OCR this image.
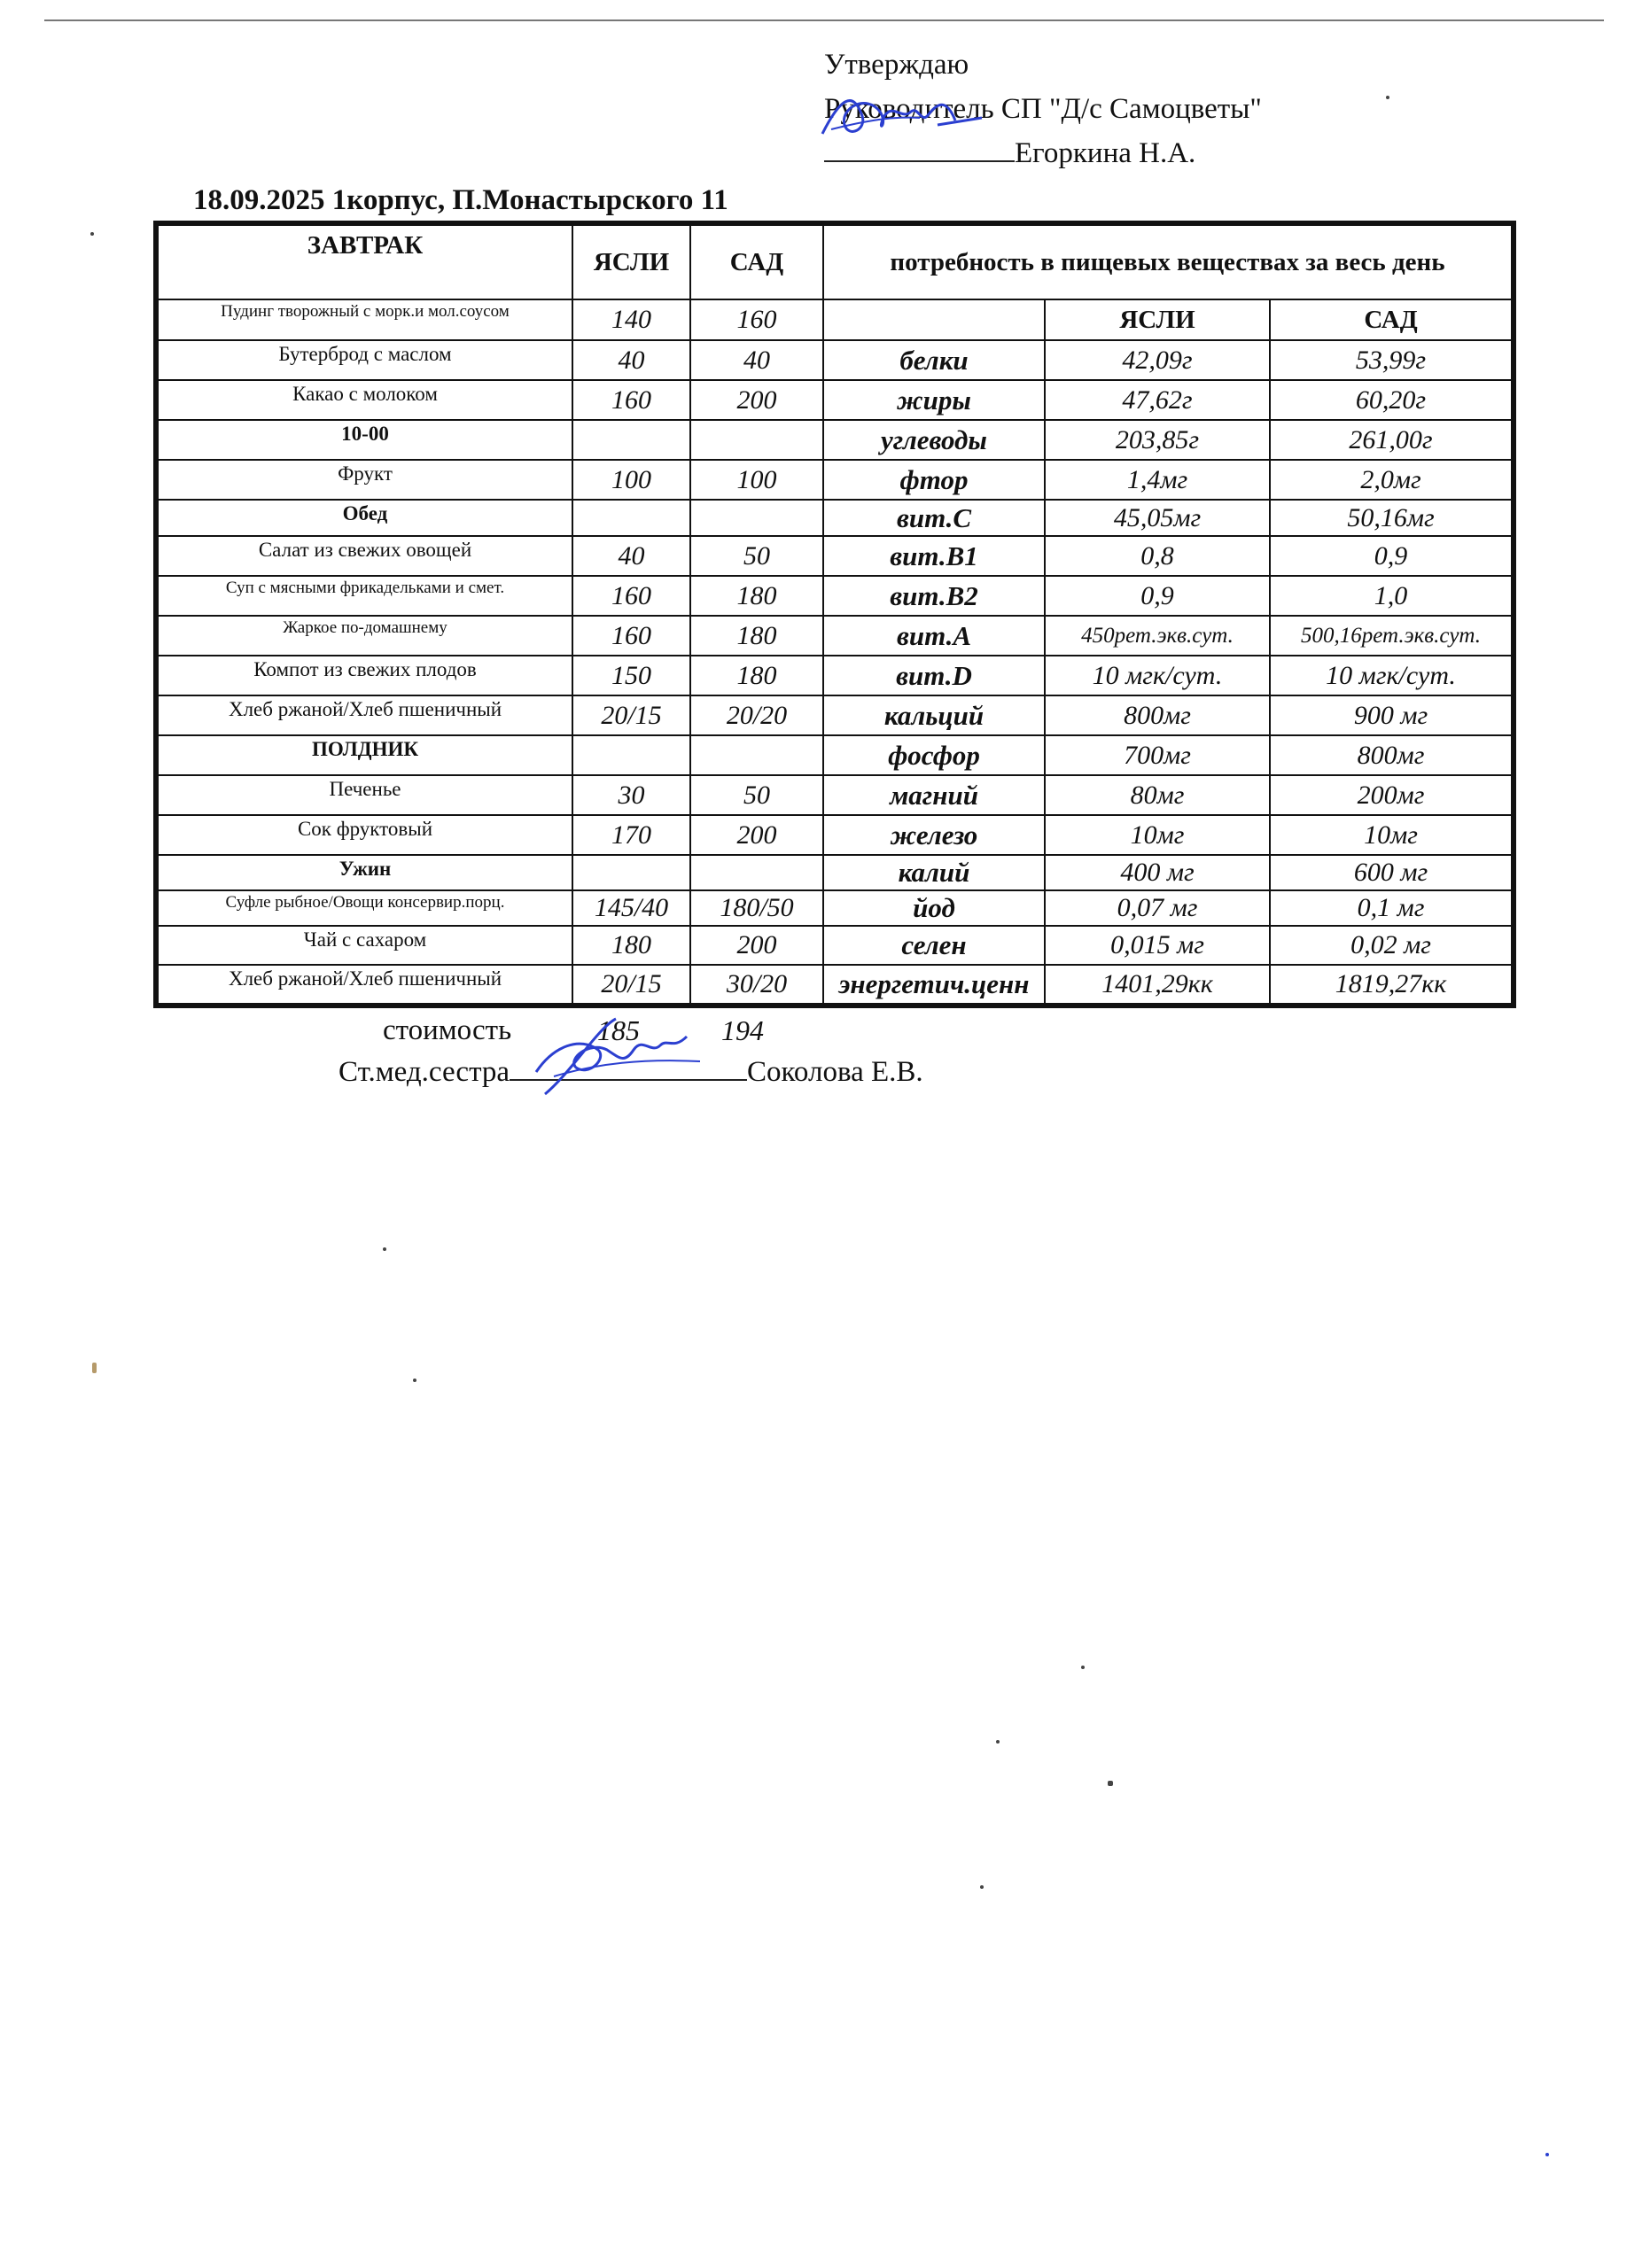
Утверждаю
Руководитель СП "Д/с Самоцветы"
Егоркина Н.А.
18.09.2025 1корпус, П.Монастырского 11
ЗАВТРАК	ЯСЛИ	САД	потребность в пищевых веществах за весь день		
Пудинг творожный с морк.и мол.соусом	140	160		ЯСЛИ	САД
Бутерброд с маслом	40	40	белки	42,09г	53,99г
Какао с молоком	160	200	жиры	47,62г	60,20г
10-00			углеводы	203,85г	261,00г
Фрукт	100	100	фтор	1,4мг	2,0мг
Обед			вит.С	45,05мг	50,16мг
Салат из свежих овощей	40	50	вит.В1	0,8	0,9
Суп с мясными фрикадельками и смет.	160	180	вит.В2	0,9	1,0
Жаркое по-домашнему	160	180	вит.А	450рет.экв.сут.	500,16рет.экв.сут.
Компот из свежих плодов	150	180	вит.D	10 мгк/сут.	10 мгк/сут.
Хлеб ржаной/Хлеб пшеничный	20/15	20/20	кальций	800мг	900 мг
ПОЛДНИК			фосфор	700мг	800мг
Печенье	30	50	магний	80мг	200мг
Сок фруктовый	170	200	железо	10мг	10мг
Ужин			калий	400 мг	600 мг
Суфле рыбное/Овощи консервир.порц.	145/40	180/50	йод	0,07 мг	0,1 мг
Чай с сахаром	180	200	селен	0,015 мг	0,02 мг
Хлеб ржаной/Хлеб пшеничный	20/15	30/20	энергетич.ценн	1401,29кк	1819,27кк
стоимость	185	194
Ст.мед.сестра	Соколова Е.В.
